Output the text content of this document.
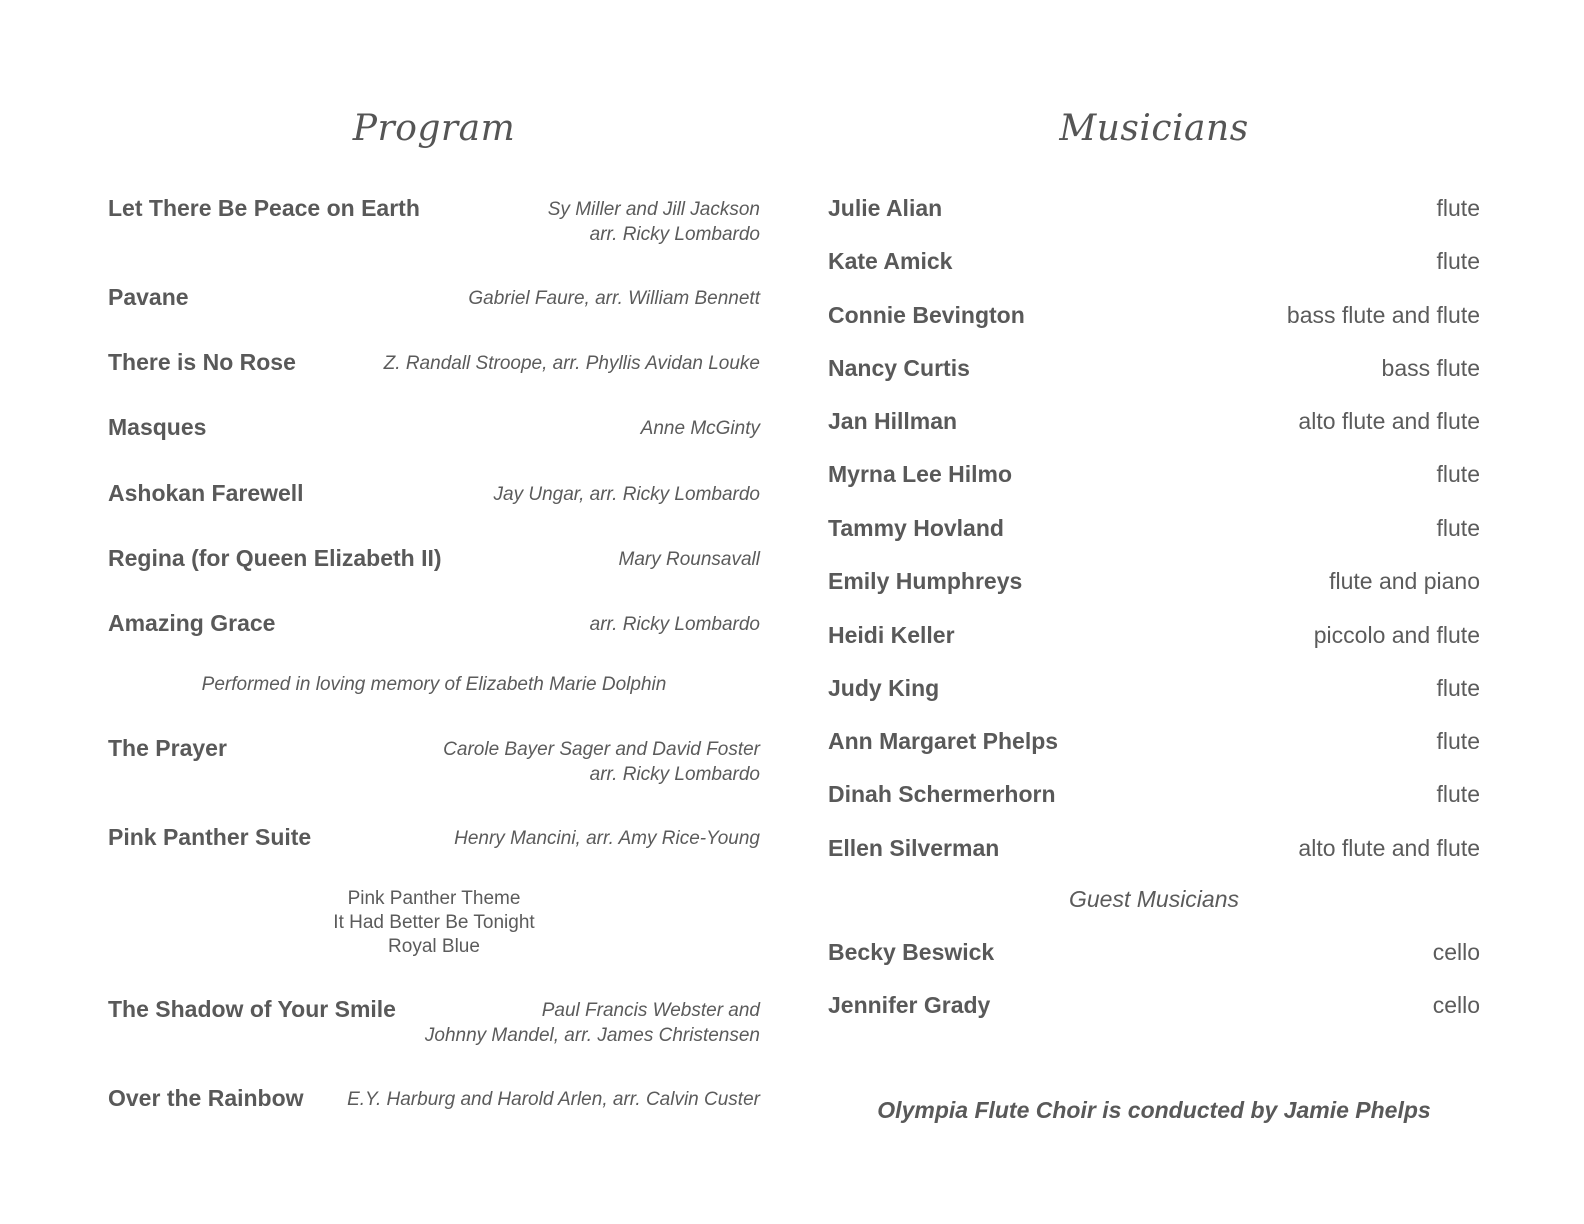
Program	Musicians
Let There Be Peace on Earth	Sy Miller and Jill Jackson
arr. Ricky Lombardo
Pavane	Gabriel Faure, arr. William Bennett
There is No Rose	Z. Randall Stroope, arr. Phyllis Avidan Louke
Masques	Anne McGinty
Ashokan Farewell	Jay Ungar, arr. Ricky Lombardo
Regina (for Queen Elizabeth II)	Mary Rounsavall
Amazing Grace	arr. Ricky Lombardo
Performed in loving memory of Elizabeth Marie Dolphin
The Prayer	Carole Bayer Sager and David Foster
arr. Ricky Lombardo
Pink Panther Suite	Henry Mancini, arr. Amy Rice-Young
Pink Panther Theme
It Had Better Be Tonight
Royal Blue
The Shadow of Your Smile	Paul Francis Webster and
Johnny Mandel, arr. James Christensen
Over the Rainbow E.Y. Harburg and Harold Arlen, arr. Calvin Custer
Julie Alian	flute
Kate Amick	flute
Connie Bevington	bass flute and flute
Nancy Curtis	bass flute
Jan Hillman	alto flute and flute
Myrna Lee Hilmo	flute
Tammy Hovland	flute
Emily Humphreys	flute and piano
Heidi Keller	piccolo and flute
Judy King	flute
Ann Margaret Phelps	flute
Dinah Schermerhorn	flute
Ellen Silverman	alto flute and flute
Guest Musicians
Becky Beswick	cello
Jennifer Grady	cello
Olympia Flute Choir is conducted by Jamie Phelps
